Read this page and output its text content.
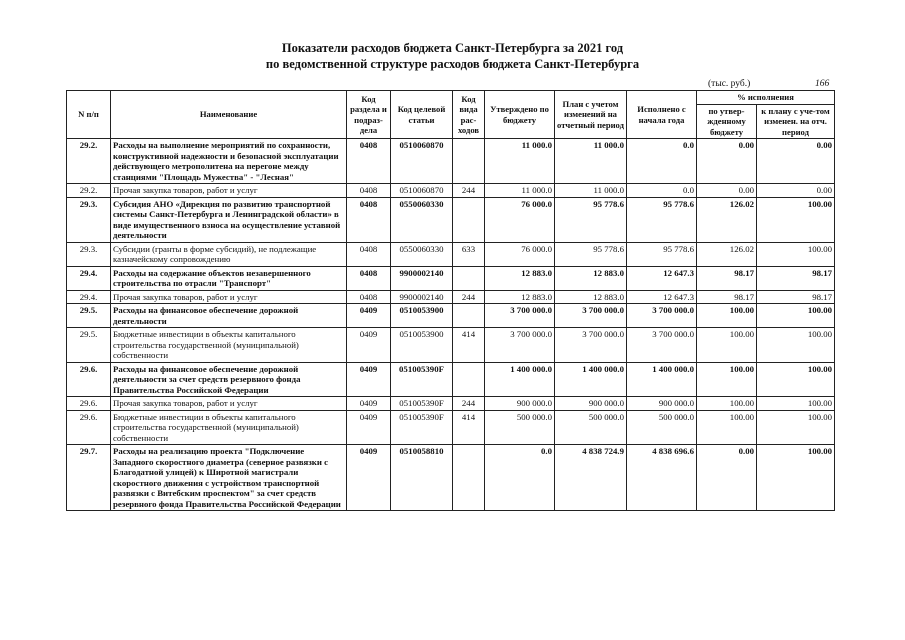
Показатели расходов бюджета Санкт-Петербурга за 2021 год
по ведомственной структуре расходов бюджета Санкт-Петербурга
(тыс. руб.)	166
N п/п	Наименование	Код раздела и подраз-дела	Код целевой статьи	Код вида рас-ходов	Утверждено по бюджету	План с учетом изменений на отчетный период	Исполнено с начала года	% исполнения	
								по утвер-жденному бюджету	к плану с уче-том изменен. на отч. период
29.2.	Расходы на выполнение мероприятий по сохранности, конструктивной надежности и безопасной эксплуатации действующего метрополитена на перегоне между станциями "Площадь Мужества" - "Лесная"	0408	0510060870		11 000.0	11 000.0	0.0	0.00	0.00
29.2.	Прочая закупка товаров, работ и услуг	0408	0510060870	244	11 000.0	11 000.0	0.0	0.00	0.00
29.3.	Субсидия АНО «Дирекция по развитию транспортной системы Санкт-Петербурга и Ленинградской области» в виде имущественного взноса на осуществление уставной деятельности	0408	0550060330		76 000.0	95 778.6	95 778.6	126.02	100.00
29.3.	Субсидии (гранты в форме субсидий), не подлежащие казначейскому сопровождению	0408	0550060330	633	76 000.0	95 778.6	95 778.6	126.02	100.00
29.4.	Расходы на содержание объектов незавершенного строительства по отрасли "Транспорт"	0408	9900002140		12 883.0	12 883.0	12 647.3	98.17	98.17
29.4.	Прочая закупка товаров, работ и услуг	0408	9900002140	244	12 883.0	12 883.0	12 647.3	98.17	98.17
29.5.	Расходы на финансовое обеспечение дорожной деятельности	0409	0510053900		3 700 000.0	3 700 000.0	3 700 000.0	100.00	100.00
29.5.	Бюджетные инвестиции в объекты капитального строительства государственной (муниципальной) собственности	0409	0510053900	414	3 700 000.0	3 700 000.0	3 700 000.0	100.00	100.00
29.6.	Расходы на финансовое обеспечение дорожной деятельности за счет средств резервного фонда Правительства Российской Федерации	0409	051005390F		1 400 000.0	1 400 000.0	1 400 000.0	100.00	100.00
29.6.	Прочая закупка товаров, работ и услуг	0409	051005390F	244	900 000.0	900 000.0	900 000.0	100.00	100.00
29.6.	Бюджетные инвестиции в объекты капитального строительства государственной (муниципальной) собственности	0409	051005390F	414	500 000.0	500 000.0	500 000.0	100.00	100.00
29.7.	Расходы на реализацию проекта "Подключение Западного скоростного диаметра (северное развязки с Благодатной улицей) к Широтной магистрали скоростного движения с устройством транспортной развязки с Витебским проспектом" за счет средств резервного фонда Правительства Российской Федерации	0409	0510058810		0.0	4 838 724.9	4 838 696.6	0.00	100.00
